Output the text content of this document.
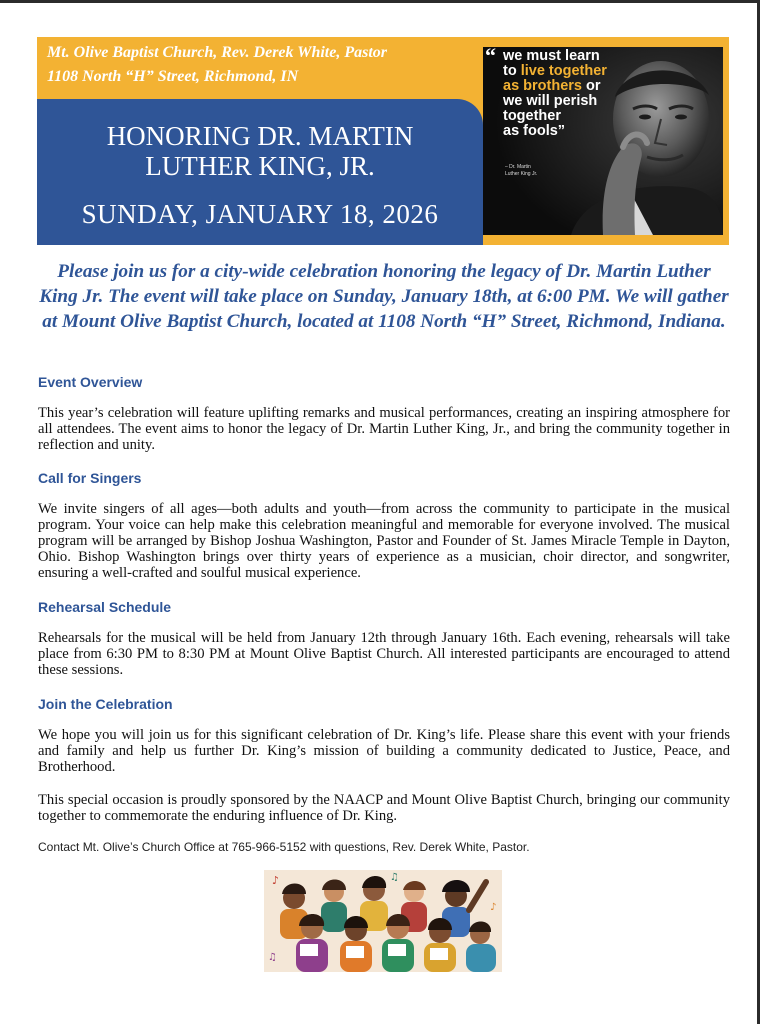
Mt. Olive Baptist Church, Rev. Derek White, Pastor
1108 North “H” Street, Richmond, IN
HONORING DR. MARTIN
LUTHER KING, JR.
SUNDAY, JANUARY 18, 2026
“ we must learn
to live together
as brothers or
we will perish
together
as fools”
– Dr. Martin
Luther King Jr.
Please join us for a city-wide celebration honoring the legacy of Dr. Martin Luther King Jr. The event will take place on Sunday, January 18th, at 6:00 PM. We will gather at Mount Olive Baptist Church, located at 1108 North “H” Street, Richmond, Indiana.
Event Overview
This year’s celebration will feature uplifting remarks and musical performances, creating an inspiring atmosphere for all attendees. The event aims to honor the legacy of Dr. Martin Luther King, Jr., and bring the community together in reflection and unity.
Call for Singers
We invite singers of all ages—both adults and youth—from across the community to participate in the musical program. Your voice can help make this celebration meaningful and memorable for everyone involved. The musical program will be arranged by Bishop Joshua Washington, Pastor and Founder of St. James Miracle Temple in Dayton, Ohio. Bishop Washington brings over thirty years of experience as a musician, choir director, and songwriter, ensuring a well-crafted and soulful musical experience.
Rehearsal Schedule
Rehearsals for the musical will be held from January 12th through January 16th. Each evening, rehearsals will take place from 6:30 PM to 8:30 PM at Mount Olive Baptist Church. All interested participants are encouraged to attend these sessions.
Join the Celebration
We hope you will join us for this significant celebration of Dr. King’s life. Please share this event with your friends and family and help us further Dr. King’s mission of building a community dedicated to Justice, Peace, and Brotherhood.
This special occasion is proudly sponsored by the NAACP and Mount Olive Baptist Church, bringing our community together to commemorate the enduring influence of Dr. King.
Contact Mt. Olive’s Church Office at 765-966-5152 with questions, Rev. Derek White, Pastor.
♪	♫
♪
♫
